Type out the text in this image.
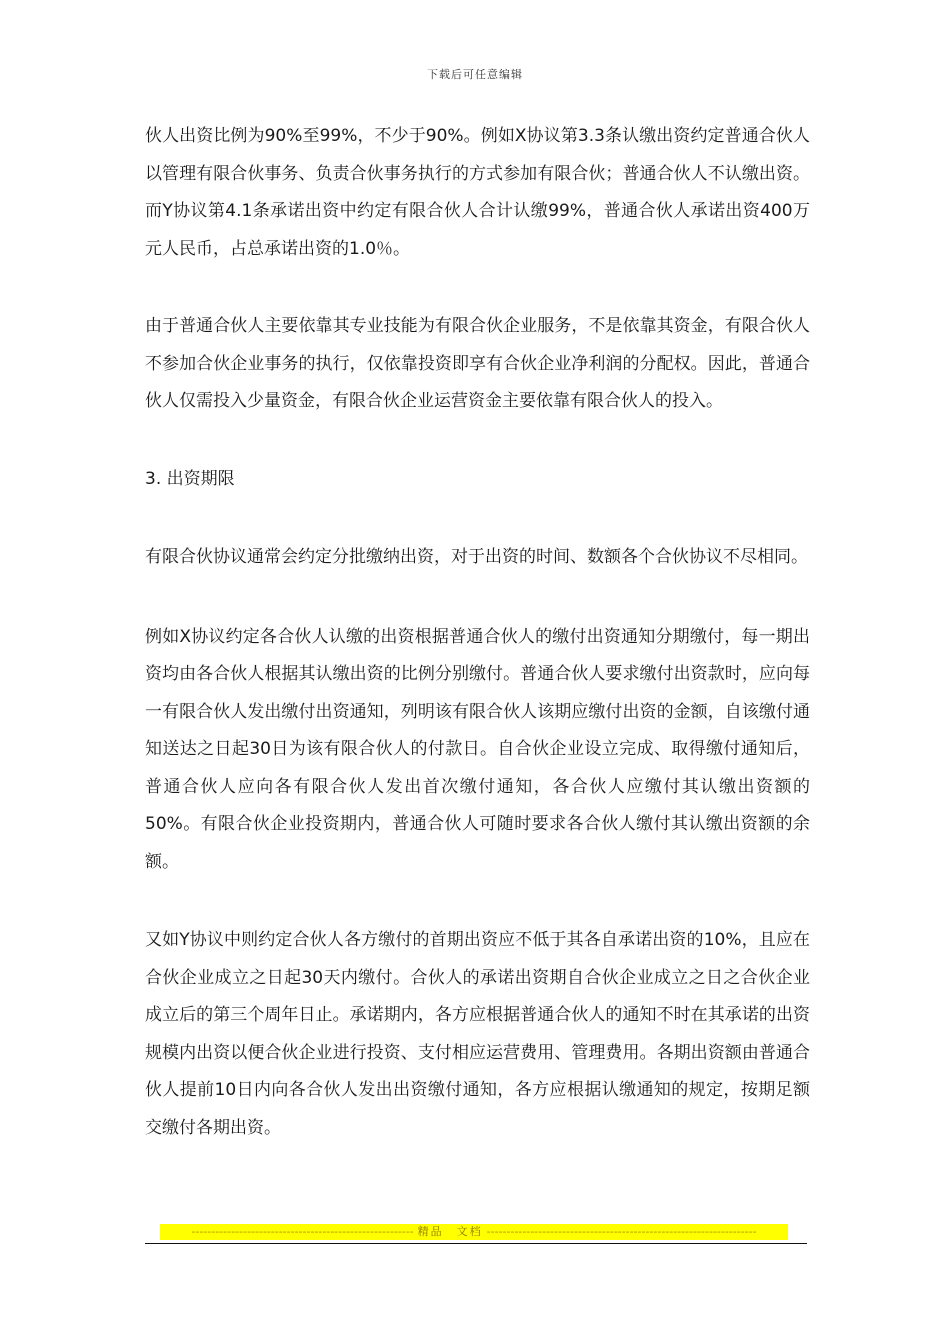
下载后可任意编辑

伙人出资比例为90%至99%，不少于90%。例如X协议第3.3条认缴出资约定普通合伙人以管理有限合伙事务、负责合伙事务执行的方式参加有限合伙；普通合伙人不认缴出资。而Y协议第4.1条承诺出资中约定有限合伙人合计认缴99%，普通合伙人承诺出资400万元人民币，占总承诺出资的1.0％。

由于普通合伙人主要依靠其专业技能为有限合伙企业服务，不是依靠其资金，有限合伙人不参加合伙企业事务的执行，仅依靠投资即享有合伙企业净利润的分配权。因此，普通合伙人仅需投入少量资金，有限合伙企业运营资金主要依靠有限合伙人的投入。

3. 出资期限

有限合伙协议通常会约定分批缴纳出资，对于出资的时间、数额各个合伙协议不尽相同。

例如X协议约定各合伙人认缴的出资根据普通合伙人的缴付出资通知分期缴付，每一期出资均由各合伙人根据其认缴出资的比例分别缴付。普通合伙人要求缴付出资款时，应向每一有限合伙人发出缴付出资通知，列明该有限合伙人该期应缴付出资的金额，自该缴付通知送达之日起30日为该有限合伙人的付款日。自合伙企业设立完成、取得缴付通知后，普通合伙人应向各有限合伙人发出首次缴付通知，各合伙人应缴付其认缴出资额的50%。有限合伙企业投资期内，普通合伙人可随时要求各合伙人缴付其认缴出资额的余额。

又如Y协议中则约定合伙人各方缴付的首期出资应不低于其各自承诺出资的10%，且应在合伙企业成立之日起30天内缴付。合伙人的承诺出资期自合伙企业成立之日之合伙企业成立后的第三个周年日止。承诺期内，各方应根据普通合伙人的通知不时在其承诺的出资规模内出资以便合伙企业进行投资、支付相应运营费用、管理费用。各期出资额由普通合伙人提前10日内向各合伙人发出出资缴付通知，各方应根据认缴通知的规定，按期足额交缴付各期出资。

-------------------------------------------------------- 精品　文档 --------------------------------------------------------------------
